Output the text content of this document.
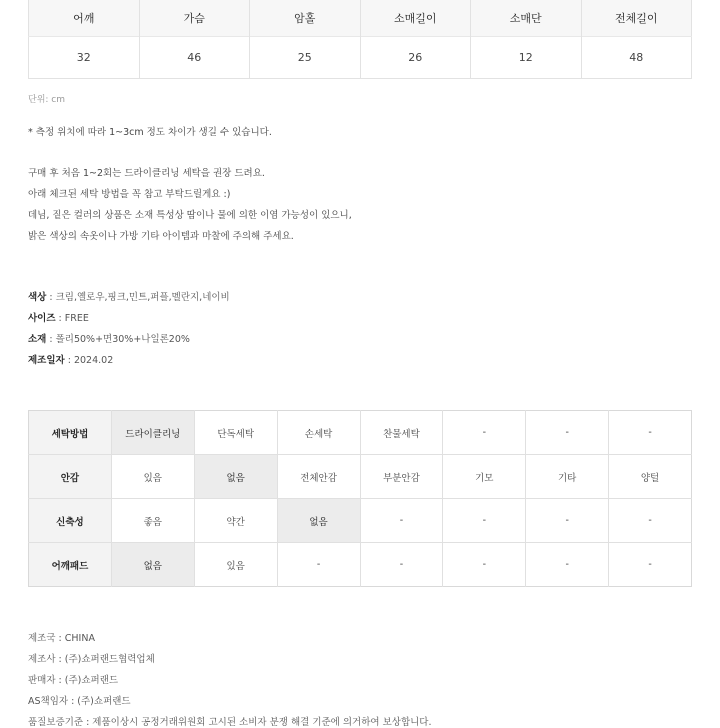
어깨	가슴	암홀	소매길이	소매단	전체길이
32	46	25	26	12	48
단위: cm

* 측정 위치에 따라 1~3cm 정도 차이가 생길 수 있습니다.

구매 후 처음 1~2회는 드라이클리닝 세탁을 권장 드려요.

아래 체크된 세탁 방법을 꼭 참고 부탁드릴게요 :)

데님, 짙은 컬러의 상품은 소재 특성상 땀이나 물에 의한 이염 가능성이 있으니,

밝은 색상의 속옷이나 가방 기타 아이템과 마찰에 주의해 주세요.

색상 : 크림,옐로우,핑크,민트,퍼플,멜란지,네이비
사이즈 : FREE
소재 : 폴리50%+면30%+나일론20%
제조일자 : 2024.02
세탁방법	드라이클리닝	단독세탁	손세탁	찬물세탁	-	-	-
안감	있음	없음	전체안감	부분안감	기모	기타	양털
신축성	좋음	약간	없음	-	-	-	-
어깨패드	없음	있음	-	-	-	-	-
제조국 : CHINA
제조사 : (주)쇼퍼랜드협력업체
판매자 : (주)쇼퍼랜드
AS책임자 : (주)쇼퍼랜드
품질보증기준 : 제품이상시 공정거래위원회 고시된 소비자 분쟁 해결 기준에 의거하여 보상합니다.
